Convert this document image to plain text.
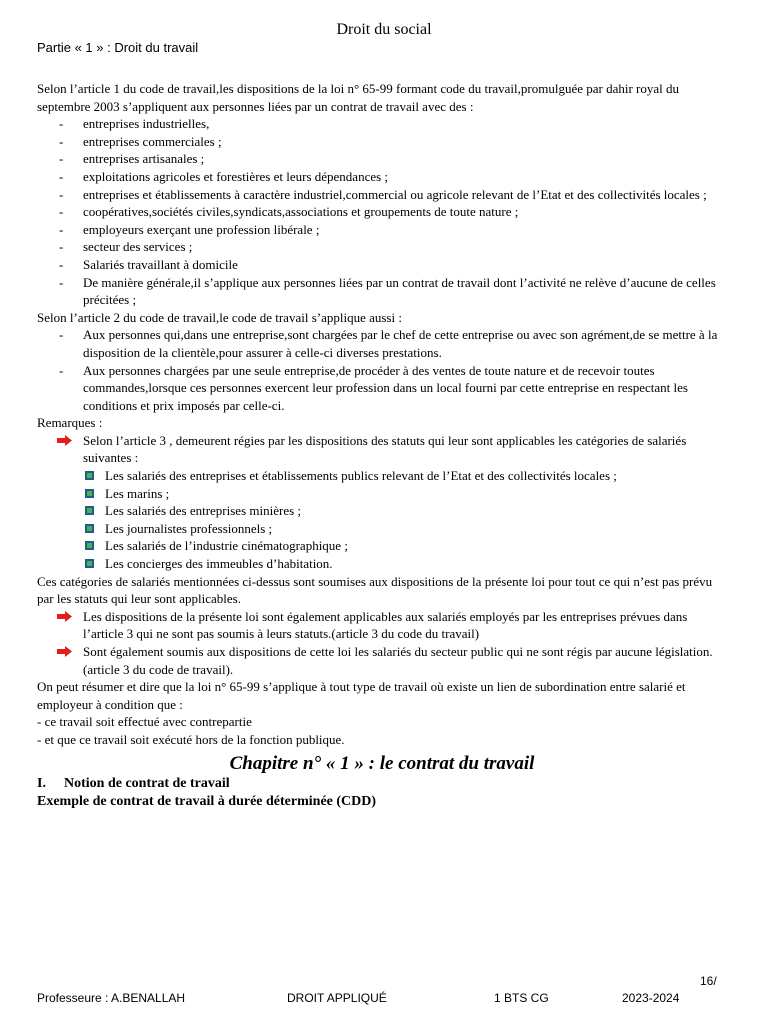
Droit du social
Partie « 1 » : Droit du travail

Selon l’article 1 du code de travail,les dispositions de la loi n° 65-99 formant code du travail,promulguée par dahir royal du septembre 2003 s’appliquent aux personnes liées par un contrat de travail avec des :

- entreprises industrielles,
- entreprises commerciales ;
- entreprises artisanales ;
- exploitations agricoles et forestières et leurs dépendances ;
- entreprises et établissements à caractère industriel,commercial ou agricole relevant de l’Etat et des collectivités locales ;
- coopératives,sociétés civiles,syndicats,associations et groupements de toute nature ;
- employeurs exerçant une profession libérale ;
- secteur des services ;
- Salariés travaillant à domicile
- De manière générale,il s’applique aux personnes liées par un contrat de travail dont l’activité ne relève d’aucune de celles précitées ;

Selon l’article 2 du code de travail,le code de travail s’applique aussi :

- Aux personnes qui,dans une entreprise,sont chargées par le chef de cette entreprise ou avec son agrément,de se mettre à la disposition de la clientèle,pour assurer à celle-ci diverses prestations.
- Aux personnes chargées par une seule entreprise,de procéder à des ventes de toute nature et de recevoir toutes commandes,lorsque ces personnes exercent leur profession dans un local fourni par cette entreprise en respectant les conditions et prix imposés par celle-ci.

Remarques :

Selon l’article 3 , demeurent régies par les dispositions des statuts qui leur sont applicables les catégories de salariés suivantes :
Les salariés des entreprises et établissements publics relevant de l’Etat et des collectivités locales ;
Les marins ;
Les salariés des entreprises minières ;
Les journalistes professionnels ;
Les salariés de l’industrie cinématographique ;
Les concierges des immeubles d’habitation.

Ces catégories de salariés mentionnées ci-dessus sont soumises aux dispositions de la présente loi pour tout ce qui n’est pas prévu par les statuts qui leur sont applicables.

Les dispositions de la présente loi sont également applicables aux salariés employés par les entreprises prévues dans l’article 3 qui ne sont pas soumis à leurs statuts.(article 3 du code du travail)
Sont également soumis aux dispositions de cette loi les salariés du secteur public qui ne sont régis par aucune législation.(article 3 du code de travail).

On peut résumer et dire que la loi n° 65-99 s’applique à tout type de travail où existe un lien de subordination entre salarié et employeur à condition que :

- ce travail soit effectué avec contrepartie

- et que ce travail soit exécuté hors de la fonction publique.

Chapitre n° « 1 » : le contrat du travail
I. Notion de contrat de travail
Exemple de contrat de travail à durée déterminée (CDD)
16/
Professeure : A.BENALLAH	DROIT APPLIQUÉ	1 BTS CG	2023-2024
